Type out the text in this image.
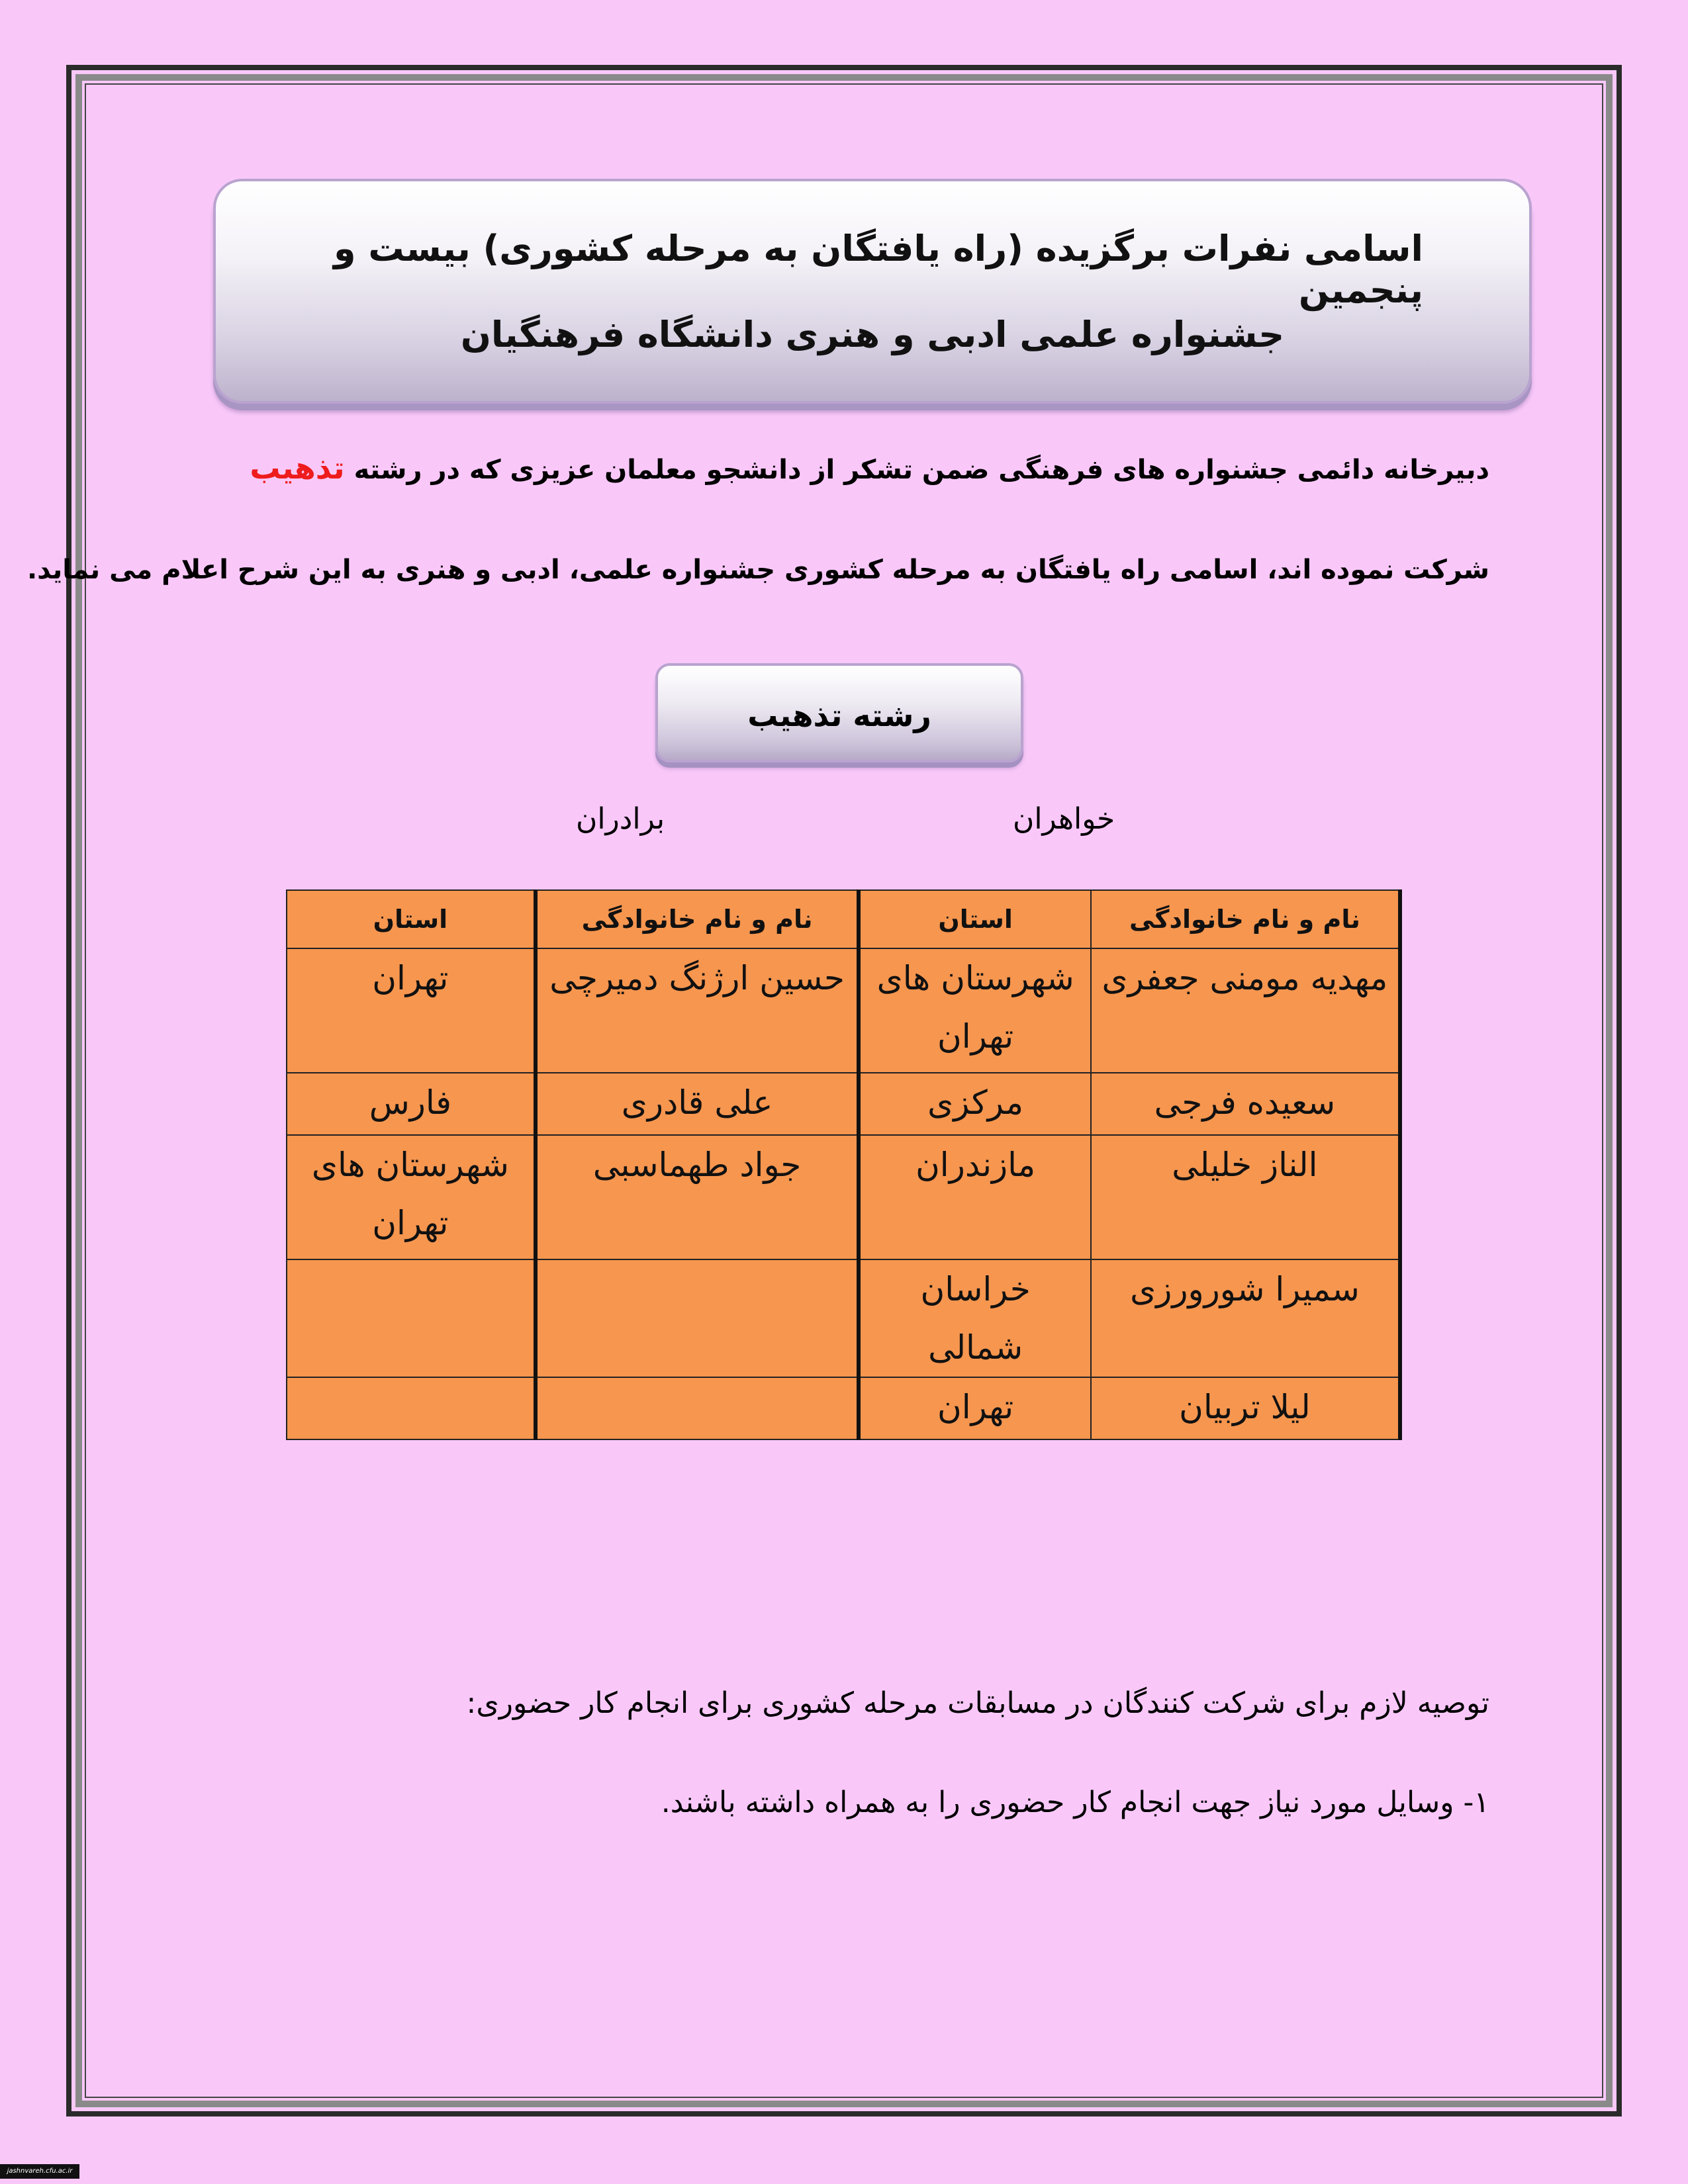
اسامی نفرات برگزیده (راه یافتگان به مرحله کشوری) بیست و پنجمین
جشنواره علمی ادبی و هنری دانشگاه فرهنگیان
دبیرخانه دائمی جشنواره های فرهنگی ضمن تشکر از دانشجو معلمان عزیزی که در رشته تذهیب
شرکت نموده اند، اسامی راه یافتگان به مرحله کشوری جشنواره علمی، ادبی و هنری به این شرح اعلام می نماید.
رشته تذهیب
خواهران
برادران
نام و نام خانوادگی	استان	نام و نام خانوادگی	استان
مهدیه مومنی جعفری	شهرستان های تهران	حسین ارژنگ دمیرچی	تهران
سعیده فرجی	مرکزی	علی قادری	فارس
الناز خلیلی	مازندران	جواد طهماسبی	شهرستان های تهران
سمیرا شورورزی	خراسان شمالی		
لیلا تربیان	تهران		
توصیه لازم برای شرکت کنندگان در مسابقات مرحله کشوری برای انجام کار حضوری:
۱- وسایل مورد نیاز جهت انجام کار حضوری را به همراه داشته باشند.
jashnvareh.cfu.ac.ir
